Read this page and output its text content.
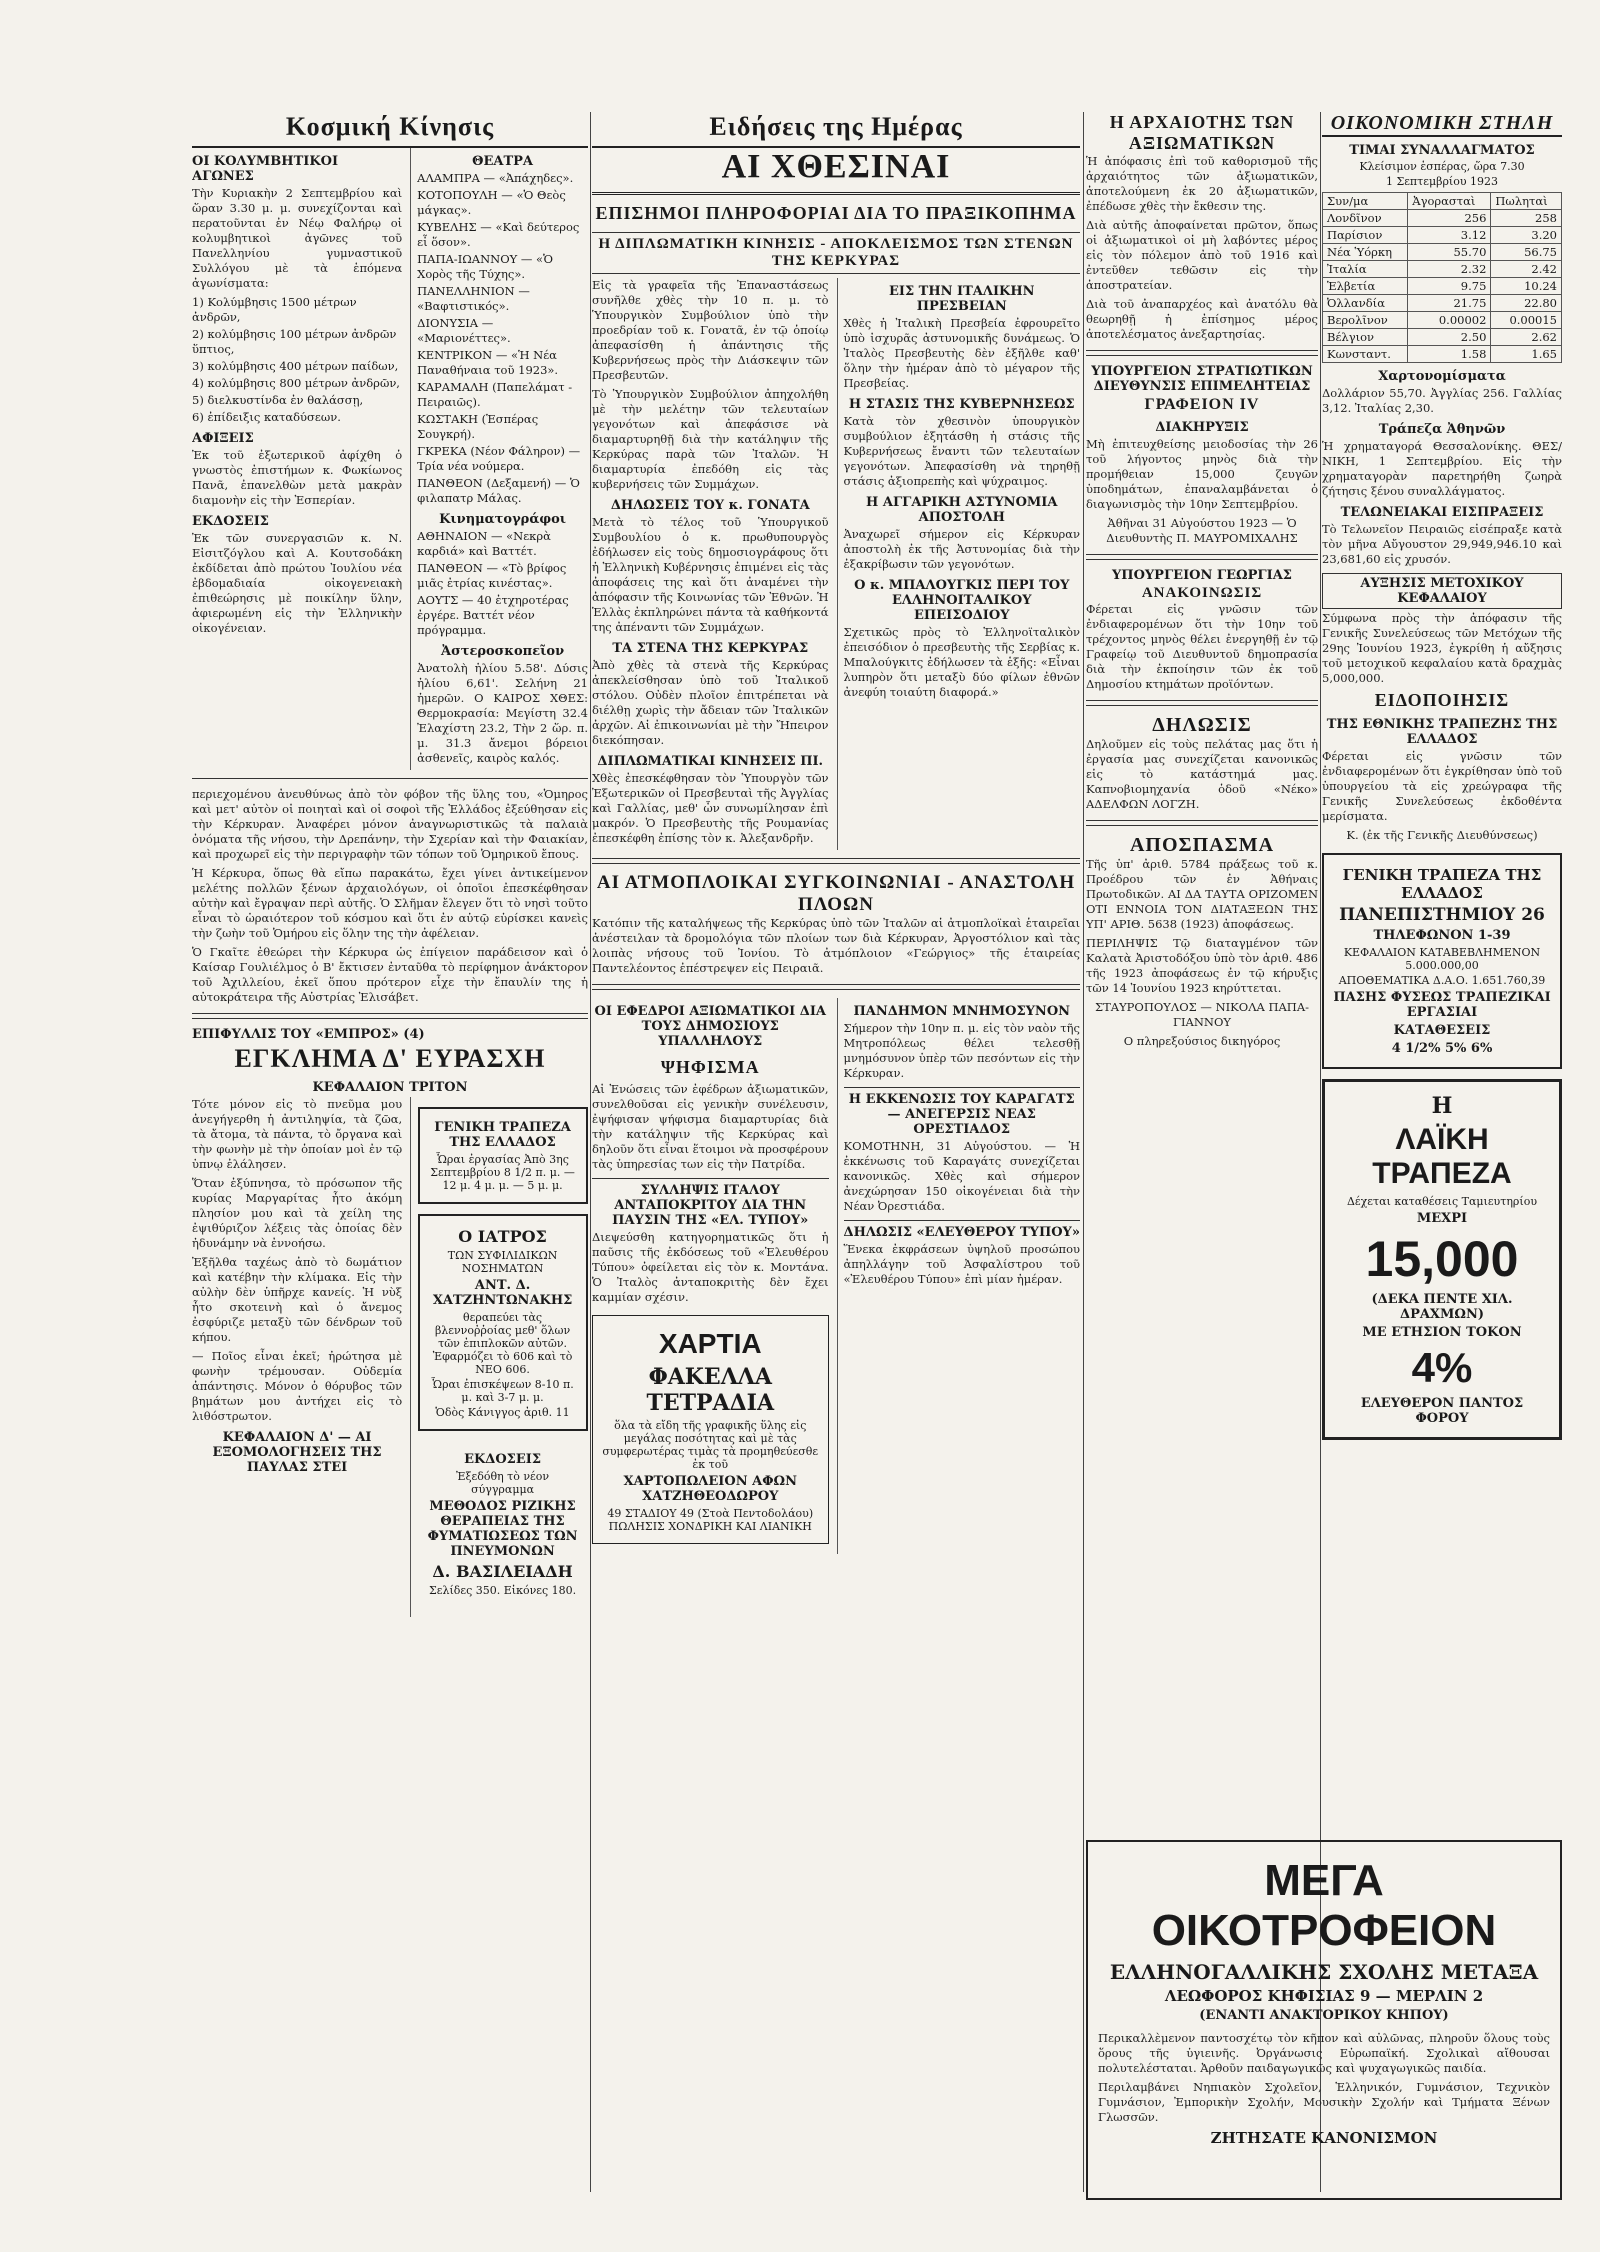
Κοσμική Κίνησις
ΟΙ ΚΟΛΥΜΒΗΤΙΚΟΙ ΑΓΩΝΕΣ

Τὴν Κυριακὴν 2 Σεπτεμβρίου καὶ ὥραν 3.30 μ. μ. συνεχίζονται καὶ περατοῦνται ἐν Νέῳ Φαλήρῳ οἱ κολυμβητικοὶ ἀγῶνες τοῦ Πανελληνίου γυμναστικοῦ Συλλόγου μὲ τὰ ἑπόμενα ἀγωνίσματα:

1) Κολύμβησις 1500 μέτρων ἀνδρῶν,
2) κολύμβησις 100 μέτρων ἀνδρῶν ὕπτιος,
3) κολύμβησις 400 μέτρων παίδων,
4) κολύμβησις 800 μέτρων ἀνδρῶν,
5) διελκυστίνδα ἐν θαλάσσῃ,
6) ἐπίδειξις καταδύσεων.
ΑΦΙΞΕΙΣ

Ἐκ τοῦ ἐξωτερικοῦ ἀφίχθη ὁ γνωστὸς ἐπιστήμων κ. Φωκίωνος Πανᾶ, ἐπανελθὼν μετὰ μακρὰν διαμονὴν εἰς τὴν Ἑσπερίαν.

ΕΚΔΟΣΕΙΣ

Ἐκ τῶν συνεργασιῶν κ. Ν. Εἰσιτζόγλου καὶ Α. Κουτσοδάκη ἐκδίδεται ἀπὸ πρώτου Ἰουλίου νέα ἐβδομαδιαία οἰκογενειακὴ ἐπιθεώρησις μὲ ποικίλην ὕλην, ἀφιερωμένη εἰς τὴν Ἑλληνικὴν οἰκογένειαν.

ΘΕΑΤΡΑ
ΑΛΑΜΠΡΑ — «Ἀπάχηδες».
ΚΟΤΟΠΟΥΛΗ — «Ὁ Θεὸς μάγκας».
ΚΥΒΕΛΗΣ — «Καὶ δεύτερος εἶ ὅσον».
ΠΑΠΑ-ΙΩΑΝΝΟΥ — «Ὁ Χορὸς τῆς Τύχης».
ΠΑΝΕΛΛΗΝΙΟΝ — «Βαφτιστικός».
ΔΙΟΝΥΣΙΑ — «Μαριονέττες».
ΚΕΝΤΡΙΚΟΝ — «Ἡ Νέα Παναθήναια τοῦ 1923».
ΚΑΡΑΜΑΛΗ (Παπελάματ - Πειραιῶς).
ΚΩΣΤΑΚΗ (Ἑσπέρας Σουγκρή).
ΓΚΡΕΚΑ (Νέον Φάληρον) — Τρία νέα νούμερα.
ΠΑΝΘΕΟΝ (Δεξαμενή) — Ὁ φιλαπατρ Μάλας.
Κινηματογράφοι
ΑΘΗΝΑΙΟΝ — «Νεκρὰ καρδιά» καὶ Βαττέτ.
ΠΑΝΘΕΟΝ — «Τὸ βρίφος μιᾶς ἐτρίας κινέστας».
ΑΟΥΤΣ — 40 ἐτχηροτέρας ἐργέρε. Βαττέτ νέον πρόγραμμα.
Ἀστεροσκοπεῖον

Ἀνατολὴ ἡλίου 5.58'. Δύσις ἡλίου 6,61'. Σελήνη 21 ἡμερῶν. Ο ΚΑΙΡΟΣ ΧΘΕΣ: Θερμοκρασία: Μεγίστη 32.4 Ἐλαχίστη 23.2, Τὴν 2 ὥρ. π. μ. 31.3 ἄνεμοι βόρειοι ἀσθενεῖς, καιρὸς καλός.

περιεχομένου ἀνευθύνως ἀπὸ τὸν φόβον τῆς ὕλης του, «Ὁμηρος καὶ μετ' αὐτὸν οἱ ποιηταὶ καὶ οἱ σοφοὶ τῆς Ἑλλάδος ἐξεύθησαν εἰς τὴν Κέρκυραν. Ἀναφέρει μόνον ἀναγνωριστικῶς τὰ παλαιὰ ὀνόματα τῆς νήσου, τὴν Δρεπάνην, τὴν Σχερίαν καὶ τὴν Φαιακίαν, καὶ προχωρεῖ εἰς τὴν περιγραφὴν τῶν τόπων τοῦ Ὁμηρικοῦ ἔπους.

Ἡ Κέρκυρα, ὅπως θὰ εἴπω παρακάτω, ἔχει γίνει ἀντικείμενον μελέτης πολλῶν ξένων ἀρχαιολόγων, οἱ ὁποῖοι ἐπεσκέφθησαν αὐτὴν καὶ ἔγραψαν περὶ αὐτῆς. Ὁ Σλῆμαν ἔλεγεν ὅτι τὸ νησὶ τοῦτο εἶναι τὸ ὡραιότερον τοῦ κόσμου καὶ ὅτι ἐν αὐτῷ εὑρίσκει κανεὶς τὴν ζωὴν τοῦ Ὁμήρου εἰς ὅλην της τὴν ἀφέλειαν.

Ὁ Γκαῖτε ἐθεώρει τὴν Κέρκυρα ὡς ἐπίγειον παράδεισον καὶ ὁ Καίσαρ Γουλιέλμος ὁ Β' ἔκτισεν ἐνταῦθα τὸ περίφημον ἀνάκτορον τοῦ Ἀχιλλείου, ἐκεῖ ὅπου πρότερον εἶχε τὴν ἔπαυλίν της ἡ αὐτοκράτειρα τῆς Αὐστρίας Ἐλισάβετ.

ΕΠΙΦΥΛΛΙΣ ΤΟΥ «ΕΜΠΡΟΣ» (4)
ΕΓΚΛΗΜΑ Δ' ΕΥΡΑΣΧΗ
ΚΕΦΑΛΑΙΟΝ ΤΡΙΤΟΝ

Τότε μόνον εἰς τὸ πνεῦμα μου ἀνεγήγερθη ἡ ἀντιληψία, τὰ ζῶα, τὰ ἄτομα, τὰ πάντα, τὸ ὄργανα καὶ τὴν φωνὴν μὲ τὴν ὁποίαν μοὶ ἐν τῷ ὑπνῳ ἐλάλησεν.

Ὅταν ἐξύπνησα, τὸ πρόσωπον τῆς κυρίας Μαργαρίτας ἦτο ἀκόμη πλησίον μου καὶ τὰ χείλη της ἐψιθύριζον λέξεις τὰς ὁποίας δὲν ἠδυνάμην νὰ ἐννοήσω.

Ἐξῆλθα ταχέως ἀπὸ τὸ δωμάτιον καὶ κατέβην τὴν κλίμακα. Εἰς τὴν αὐλὴν δὲν ὑπῆρχε κανείς. Ἡ νὺξ ἦτο σκοτεινὴ καὶ ὁ ἄνεμος ἐσφύριζε μεταξὺ τῶν δένδρων τοῦ κήπου.

— Ποῖος εἶναι ἐκεῖ; ἠρώτησα μὲ φωνὴν τρέμουσαν. Οὐδεμία ἀπάντησις. Μόνον ὁ θόρυβος τῶν βημάτων μου ἀντήχει εἰς τὸ λιθόστρωτον.

ΚΕΦΑΛΑΙΟΝ Δ' — ΑΙ ΕΞΟΜΟΛΟΓΗΣΕΙΣ ΤΗΣ ΠΑΥΛΑΣ ΣΤΕΙ
ΓΕΝΙΚΗ ΤΡΑΠΕΖΑ ΤΗΣ ΕΛΛΑΔΟΣ
Ὧραι ἐργασίας Ἀπὸ 3ης Σεπτεμβρίου 8 1/2 π. μ. — 12 μ. 4 μ. μ. — 5 μ. μ.
Ο ΙΑΤΡΟΣ
ΤΩΝ ΣΥΦΙΛΙΔΙΚΩΝ ΝΟΣΗΜΑΤΩΝ
ΑΝΤ. Δ. ΧΑΤΖΗΝΤΩΝΑΚΗΣ
θεραπεύει τὰς βλεννοῤῥοίας μεθ' ὅλων τῶν ἐπιπλοκῶν αὐτῶν. Ἐφαρμόζει τὸ 606 καὶ τὸ ΝΕΟ 606.
Ὧραι ἐπισκέψεων 8-10 π. μ. καὶ 3-7 μ. μ.
Ὁδὸς Κάνιγγος ἀριθ. 11
ΕΚΔΟΣΕΙΣ
Ἐξεδόθη τὸ νέον σύγγραμμα
ΜΕΘΟΔΟΣ ΡΙΖΙΚΗΣ ΘΕΡΑΠΕΙΑΣ ΤΗΣ ΦΥΜΑΤΙΩΣΕΩΣ ΤΩΝ ΠΝΕΥΜΟΝΩΝ
Δ. ΒΑΣΙΛΕΙΑΔΗ
Σελίδες 350. Εἰκόνες 180.
Ειδήσεις της Ημέρας
ΑΙ ΧΘΕΣΙΝΑΙ
ΕΠΙΣΗΜΟΙ ΠΛΗΡΟΦΟΡΙΑΙ ΔΙΑ ΤΟ ΠΡΑΞΙΚΟΠΗΜΑ
Η ΔΙΠΛΩΜΑΤΙΚΗ ΚΙΝΗΣΙΣ - ΑΠΟΚΛΕΙΣΜΟΣ ΤΩΝ ΣΤΕΝΩΝ ΤΗΣ ΚΕΡΚΥΡΑΣ

Εἰς τὰ γραφεῖα τῆς Ἐπαναστάσεως συνῆλθε χθὲς τὴν 10 π. μ. τὸ Ὑπουργικὸν Συμβούλιον ὑπὸ τὴν προεδρίαν τοῦ κ. Γονατᾶ, ἐν τῷ ὁποίῳ ἀπεφασίσθη ἡ ἀπάντησις τῆς Κυβερνήσεως πρὸς τὴν Διάσκεψιν τῶν Πρεσβευτῶν.

Τὸ Ὑπουργικὸν Συμβούλιον ἀπηχολήθη μὲ τὴν μελέτην τῶν τελευταίων γεγονότων καὶ ἀπεφάσισε νὰ διαμαρτυρηθῇ διὰ τὴν κατάληψιν τῆς Κερκύρας παρὰ τῶν Ἰταλῶν. Ἡ διαμαρτυρία ἐπεδόθη εἰς τὰς κυβερνήσεις τῶν Συμμάχων.

ΔΗΛΩΣΕΙΣ ΤΟΥ κ. ΓΟΝΑΤΑ

Μετὰ τὸ τέλος τοῦ Ὑπουργικοῦ Συμβουλίου ὁ κ. πρωθυπουργὸς ἐδήλωσεν εἰς τοὺς δημοσιογράφους ὅτι ἡ Ἑλληνικὴ Κυβέρνησις ἐπιμένει εἰς τὰς ἀποφάσεις της καὶ ὅτι ἀναμένει τὴν ἀπόφασιν τῆς Κοινωνίας τῶν Ἐθνῶν. Ἡ Ἑλλὰς ἐκπληρώνει πάντα τὰ καθήκοντά της ἀπέναντι τῶν Συμμάχων.

ΤΑ ΣΤΕΝΑ ΤΗΣ ΚΕΡΚΥΡΑΣ

Ἀπὸ χθὲς τὰ στενὰ τῆς Κερκύρας ἀπεκλείσθησαν ὑπὸ τοῦ Ἰταλικοῦ στόλου. Οὐδὲν πλοῖον ἐπιτρέπεται νὰ διέλθῃ χωρὶς τὴν ἄδειαν τῶν Ἰταλικῶν ἀρχῶν. Αἱ ἐπικοινωνίαι μὲ τὴν Ἤπειρον διεκόπησαν.

ΔΙΠΛΩΜΑΤΙΚΑΙ ΚΙΝΗΣΕΙΣ ΠΙ.

Χθὲς ἐπεσκέφθησαν τὸν Ὑπουργὸν τῶν Ἐξωτερικῶν οἱ Πρεσβευταὶ τῆς Ἀγγλίας καὶ Γαλλίας, μεθ' ὧν συνωμίλησαν ἐπὶ μακρόν. Ὁ Πρεσβευτὴς τῆς Ρουμανίας ἐπεσκέφθη ἐπίσης τὸν κ. Ἀλεξανδρῆν.

ΕΙΣ ΤΗΝ ΙΤΑΛΙΚΗΝ ΠΡΕΣΒΕΙΑΝ

Χθὲς ἡ Ἰταλικὴ Πρεσβεία ἐφρουρεῖτο ὑπὸ ἰσχυρᾶς ἀστυνομικῆς δυνάμεως. Ὁ Ἰταλὸς Πρεσβευτὴς δὲν ἐξῆλθε καθ' ὅλην τὴν ἡμέραν ἀπὸ τὸ μέγαρον τῆς Πρεσβείας.

Η ΣΤΑΣΙΣ ΤΗΣ ΚΥΒΕΡΝΗΣΕΩΣ

Κατὰ τὸν χθεσινὸν ὑπουργικὸν συμβούλιον ἐξητάσθη ἡ στάσις τῆς Κυβερνήσεως ἔναντι τῶν τελευταίων γεγονότων. Ἀπεφασίσθη νὰ τηρηθῇ στάσις ἀξιοπρεπὴς καὶ ψύχραιμος.

Η ΑΓΓΑΡΙΚΗ ΑΣΤΥΝΟΜΙΑ ΑΠΟΣΤΟΛΗ

Ἀναχωρεῖ σήμερον εἰς Κέρκυραν ἀποστολὴ ἐκ τῆς Ἀστυνομίας διὰ τὴν ἐξακρίβωσιν τῶν γεγονότων.

Ο κ. ΜΠΑΛΟΥΓΚΙΣ ΠΕΡΙ ΤΟΥ ΕΛΛΗΝΟΙΤΑΛΙΚΟΥ ΕΠΕΙΣΟΔΙΟΥ

Σχετικῶς πρὸς τὸ Ἑλληνοϊταλικὸν ἐπεισόδιον ὁ πρεσβευτὴς τῆς Σερβίας κ. Μπαλούγκιτς ἐδήλωσεν τὰ ἑξῆς: «Εἶναι λυπηρὸν ὅτι μεταξὺ δύο φίλων ἐθνῶν ἀνεφύη τοιαύτη διαφορά.»

ΑΙ ΑΤΜΟΠΛΟΙΚΑΙ ΣΥΓΚΟΙΝΩΝΙΑΙ - ΑΝΑΣΤΟΛΗ ΠΛΟΩΝ

Κατόπιν τῆς καταλήψεως τῆς Κερκύρας ὑπὸ τῶν Ἰταλῶν αἱ ἀτμοπλοϊκαὶ ἑταιρεῖαι ἀνέστειλαν τὰ δρομολόγια τῶν πλοίων των διὰ Κέρκυραν, Ἀργοστόλιον καὶ τὰς λοιπὰς νήσους τοῦ Ἰονίου. Τὸ ἀτμόπλοιον «Γεώργιος» τῆς ἑταιρείας Παντελέοντος ἐπέστρεψεν εἰς Πειραιᾶ.

ΟΙ ΕΦΕΔΡΟΙ ΑΞΙΩΜΑΤΙΚΟΙ ΔΙΑ ΤΟΥΣ ΔΗΜΟΣΙΟΥΣ ΥΠΑΛΛΗΛΟΥΣ
ΨΗΦΙΣΜΑ

Αἱ Ἑνώσεις τῶν ἐφέδρων ἀξιωματικῶν, συνελθοῦσαι εἰς γενικὴν συνέλευσιν, ἐψήφισαν ψήφισμα διαμαρτυρίας διὰ τὴν κατάληψιν τῆς Κερκύρας καὶ δηλοῦν ὅτι εἶναι ἕτοιμοι νὰ προσφέρουν τὰς ὑπηρεσίας των εἰς τὴν Πατρίδα.

ΣΥΛΛΗΨΙΣ ΙΤΑΛΟΥ ΑΝΤΑΠΟΚΡΙΤΟΥ ΔΙΑ ΤΗΝ ΠΑΥΣΙΝ ΤΗΣ «ΕΛ. ΤΥΠΟΥ»

Διεψεύσθη κατηγορηματικῶς ὅτι ἡ παῦσις τῆς ἐκδόσεως τοῦ «Ἐλευθέρου Τύπου» ὀφείλεται εἰς τὸν κ. Μοντάνα. Ὁ Ἰταλὸς ἀνταποκριτὴς δὲν ἔχει καμμίαν σχέσιν.

ΧΑΡΤΙΑ
ΦΑΚΕΛΛΑ ΤΕΤΡΑΔΙΑ
ὅλα τὰ εἴδη τῆς γραφικῆς ὕλης εἰς μεγάλας ποσότητας καὶ μὲ τὰς συμφερωτέρας τιμὰς τὰ προμηθεύεσθε ἐκ τοῦ
ΧΑΡΤΟΠΩΛΕΙΟΝ ΑΦΩΝ ΧΑΤΖΗΘΕΟΔΩΡΟΥ
49 ΣΤΑΔΙΟΥ 49 (Στοὰ Πεντοδολάου) ΠΩΛΗΣΙΣ ΧΟΝΔΡΙΚΗ ΚΑΙ ΛΙΑΝΙΚΗ
ΠΑΝΔΗΜΟΝ ΜΝΗΜΟΣΥΝΟΝ

Σήμερον τὴν 10ην π. μ. εἰς τὸν ναὸν τῆς Μητροπόλεως θέλει τελεσθῇ μνημόσυνον ὑπὲρ τῶν πεσόντων εἰς τὴν Κέρκυραν.

Η ΕΚΚΕΝΩΣΙΣ ΤΟΥ ΚΑΡΑΓΑΤΣ — ΑΝΕΓΕΡΣΙΣ ΝΕΑΣ ΟΡΕΣΤΙΑΔΟΣ

ΚΟΜΟΤΗΝΗ, 31 Αὐγούστου. — Ἡ ἐκκένωσις τοῦ Καραγάτς συνεχίζεται κανονικῶς. Χθὲς καὶ σήμερον ἀνεχώρησαν 150 οἰκογένειαι διὰ τὴν Νέαν Ὀρεστιάδα.

ΔΗΛΩΣΙΣ «ΕΛΕΥΘΕΡΟΥ ΤΥΠΟΥ»

Ἕνεκα ἐκφράσεων ὑψηλοῦ προσώπου ἀπηλλάγην τοῦ Ἀσφαλίστρου τοῦ «Ἐλευθέρου Τύπου» ἐπὶ μίαν ἡμέραν.

Η ΑΡΧΑΙΟΤΗΣ ΤΩΝ ΑΞΙΩΜΑΤΙΚΩΝ

Ἡ ἀπόφασις ἐπὶ τοῦ καθορισμοῦ τῆς ἀρχαιότητος τῶν ἀξιωματικῶν, ἀποτελούμενη ἐκ 20 ἀξιωματικῶν, ἐπέδωσε χθὲς τὴν ἔκθεσιν της.

Διὰ αὐτῆς ἀποφαίνεται πρῶτον, ὅπως οἱ ἀξιωματικοὶ οἱ μὴ λαβόντες μέρος εἰς τὸν πόλεμον ἀπὸ τοῦ 1916 καὶ ἐντεῦθεν τεθῶσιν εἰς τὴν ἀποστρατείαν.

Διὰ τοῦ ἀναπαρχέος καὶ ἀνατόλυ θὰ θεωρηθῇ ἡ ἐπίσημος μέρος ἀποτελέσματος ἀνεξαρτησίας.

ΥΠΟΥΡΓΕΙΟΝ ΣΤΡΑΤΙΩΤΙΚΩΝ ΔΙΕΥΘΥΝΣΙΣ ΕΠΙΜΕΛΗΤΕΙΑΣ
ΓΡΑΦΕΙΟΝ IV
ΔΙΑΚΗΡΥΞΙΣ

Μὴ ἐπιτευχθείσης μειοδοσίας τὴν 26 τοῦ λήγοντος μηνὸς διὰ τὴν προμήθειαν 15,000 ζευγῶν ὑποδημάτων, ἐπαναλαμβάνεται ὁ διαγωνισμὸς τὴν 10ην Σεπτεμβρίου.

Ἀθῆναι 31 Αὐγούστου 1923 — Ὁ Διευθυντὴς Π. ΜΑΥΡΟΜΙΧΑΛΗΣ

ΥΠΟΥΡΓΕΙΟΝ ΓΕΩΡΓΙΑΣ
ΑΝΑΚΟΙΝΩΣΙΣ

Φέρεται εἰς γνῶσιν τῶν ἐνδιαφερομένων ὅτι τὴν 10ην τοῦ τρέχοντος μηνὸς θέλει ἐνεργηθῇ ἐν τῷ Γραφείῳ τοῦ Διευθυντοῦ δημοπρασία διὰ τὴν ἐκποίησιν τῶν ἐκ τοῦ Δημοσίου κτημάτων προϊόντων.

ΔΗΛΩΣΙΣ

Δηλοῦμεν εἰς τοὺς πελάτας μας ὅτι ἡ ἐργασία μας συνεχίζεται κανονικῶς εἰς τὸ κατάστημά μας. Καπνοβιομηχανία ὁδοῦ «Νέκο» ΑΔΕΛΦΩΝ ΛΟΓΖΗ.

ΑΠΟΣΠΑΣΜΑ

Τῆς ὑπ' ἀριθ. 5784 πράξεως τοῦ κ. Προέδρου τῶν ἐν Ἀθήναις Πρωτοδικῶν. ΑΙ ΔΑ ΤΑΥΤΑ ΟΡΙΖΟΜΕΝ ΟΤΙ ΕΝΝΟΙΑ ΤΟΝ ΔΙΑΤΑΞΕΩΝ ΤΗΣ ΥΠ' ΑΡΙΘ. 5638 (1923) ἀποφάσεως.

ΠΕΡΙΛΗΨΙΣ Τῷ διαταγμένον τῶν Καλατὰ Ἀριστοδόξου ὑπὸ τὸν ἀριθ. 486 τῆς 1923 ἀποφάσεως ἐν τῷ κήρυξις τῶν 14 Ἰουνίου 1923 κηρύττεται.

ΣΤΑΥΡΟΠΟΥΛΟΣ — ΝΙΚΟΛΑ ΠΑΠΑ-ΓΙΑΝΝΟΥ

Ο πληρεξούσιος δικηγόρος

ΟΙΚΟΝΟΜΙΚΗ ΣΤΗΛΗ
ΤΙΜΑΙ ΣΥΝΑΛΛΑΓΜΑΤΟΣ
Κλείσιμον ἑσπέρας, ὥρα 7.30
1 Σεπτεμβρίου 1923
Συν/μα	Ἀγορασταὶ	Πωληταὶ
Λονδῖνον	256	258
Παρίσιον	3.12	3.20
Νέα Ὑόρκη	55.70	56.75
Ἰταλία	2.32	2.42
Ἑλβετία	9.75	10.24
Ὀλλανδία	21.75	22.80
Βερολῖνον	0.00002	0.00015
Βέλγιον	2.50	2.62
Κωνσταντ.	1.58	1.65
Χαρτονομίσματα

Δολλάριον 55,70. Ἀγγλίας 256. Γαλλίας 3,12. Ἰταλίας 2,30.

Τράπεζα Ἀθηνῶν

Ἡ χρηματαγορά Θεσσαλονίκης. ΘΕΣ/ΝΙΚΗ, 1 Σεπτεμβρίου. Εἰς τὴν χρηματαγορὰν παρετηρήθη ζωηρὰ ζήτησις ξένου συναλλάγματος.

ΤΕΛΩΝΕΙΑΚΑΙ ΕΙΣΠΡΑΞΕΙΣ

Τὸ Τελωνεῖον Πειραιῶς εἰσέπραξε κατὰ τὸν μῆνα Αὔγουστον 29,949,946.10 καὶ 23,681,60 εἰς χρυσόν.

ΑΥΞΗΣΙΣ ΜΕΤΟΧΙΚΟΥ ΚΕΦΑΛΑΙΟΥ

Σύμφωνα πρὸς τὴν ἀπόφασιν τῆς Γενικῆς Συνελεύσεως τῶν Μετόχων τῆς 29ης Ἰουνίου 1923, ἐγκρίθη ἡ αὔξησις τοῦ μετοχικοῦ κεφαλαίου κατὰ δραχμὰς 5,000,000.

ΕΙΔΟΠΟΙΗΣΙΣ
ΤΗΣ ΕΘΝΙΚΗΣ ΤΡΑΠΕΖΗΣ ΤΗΣ ΕΛΛΑΔΟΣ

Φέρεται εἰς γνῶσιν τῶν ἐνδιαφερομένων ὅτι ἐγκρίθησαν ὑπὸ τοῦ ὑπουργείου τὰ εἰς χρεώγραφα τῆς Γενικῆς Συνελεύσεως ἐκδοθέντα μερίσματα.

Κ. (ἐκ τῆς Γενικῆς Διευθύνσεως)

ΓΕΝΙΚΗ ΤΡΑΠΕΖΑ ΤΗΣ ΕΛΛΑΔΟΣ
ΠΑΝΕΠΙΣΤΗΜΙΟΥ 26
ΤΗΛΕΦΩΝΟΝ 1-39
ΚΕΦΑΛΑΙΟΝ ΚΑΤΑΒΕΒΛΗΜΕΝΟΝ 5.000.000,00
ΑΠΟΘΕΜΑΤΙΚΑ Δ.Α.Ο. 1.651.760,39
ΠΑΣΗΣ ΦΥΣΕΩΣ ΤΡΑΠΕΖΙΚΑΙ ΕΡΓΑΣΙΑΙ
ΚΑΤΑΘΕΣΕΙΣ
4 1/2% 5% 6%
Η
ΛΑΪΚΗ ΤΡΑΠΕΖΑ
Δέχεται καταθέσεις Ταμιευτηρίου
ΜΕΧΡΙ
15,000
(ΔΕΚΑ ΠΕΝΤΕ ΧΙΛ. ΔΡΑΧΜΩΝ)
ΜΕ ΕΤΗΣΙΟΝ ΤΟΚΟΝ
4%
ΕΛΕΥΘΕΡΟΝ ΠΑΝΤΟΣ ΦΟΡΟΥ
ΜΕΓΑ ΟΙΚΟΤΡΟΦΕΙΟΝ
ΕΛΛΗΝΟΓΑΛΛΙΚΗΣ ΣΧΟΛΗΣ ΜΕΤΑΞΑ
ΛΕΩΦΟΡΟΣ ΚΗΦΙΣΙΑΣ 9 — ΜΕΡΛΙΝ 2
(ΕΝΑΝΤΙ ΑΝΑΚΤΟΡΙΚΟΥ ΚΗΠΟΥ)

Περικαλλὲμενον παντοσχέτῳ τὸν κῆπον καὶ αὐλῶνας, πληροῦν ὅλους τοὺς ὅρους τῆς ὑγιεινῆς. Ὀργάνωσις Εὐρωπαϊκή. Σχολικαὶ αἴθουσαι πολυτελέσταται. Ἀρθοῦν παιδαγωγικῶς καὶ ψυχαγωγικῶς παιδία.

Περιλαμβάνει Νηπιακὸν Σχολεῖον, Ἑλληνικόν, Γυμνάσιον, Τεχνικὸν Γυμνάσιον, Ἐμπορικὴν Σχολήν, Μουσικὴν Σχολήν καὶ Τμήματα Ξένων Γλωσσῶν.

ΖΗΤΗΣΑΤΕ ΚΑΝΟΝΙΣΜΟΝ
